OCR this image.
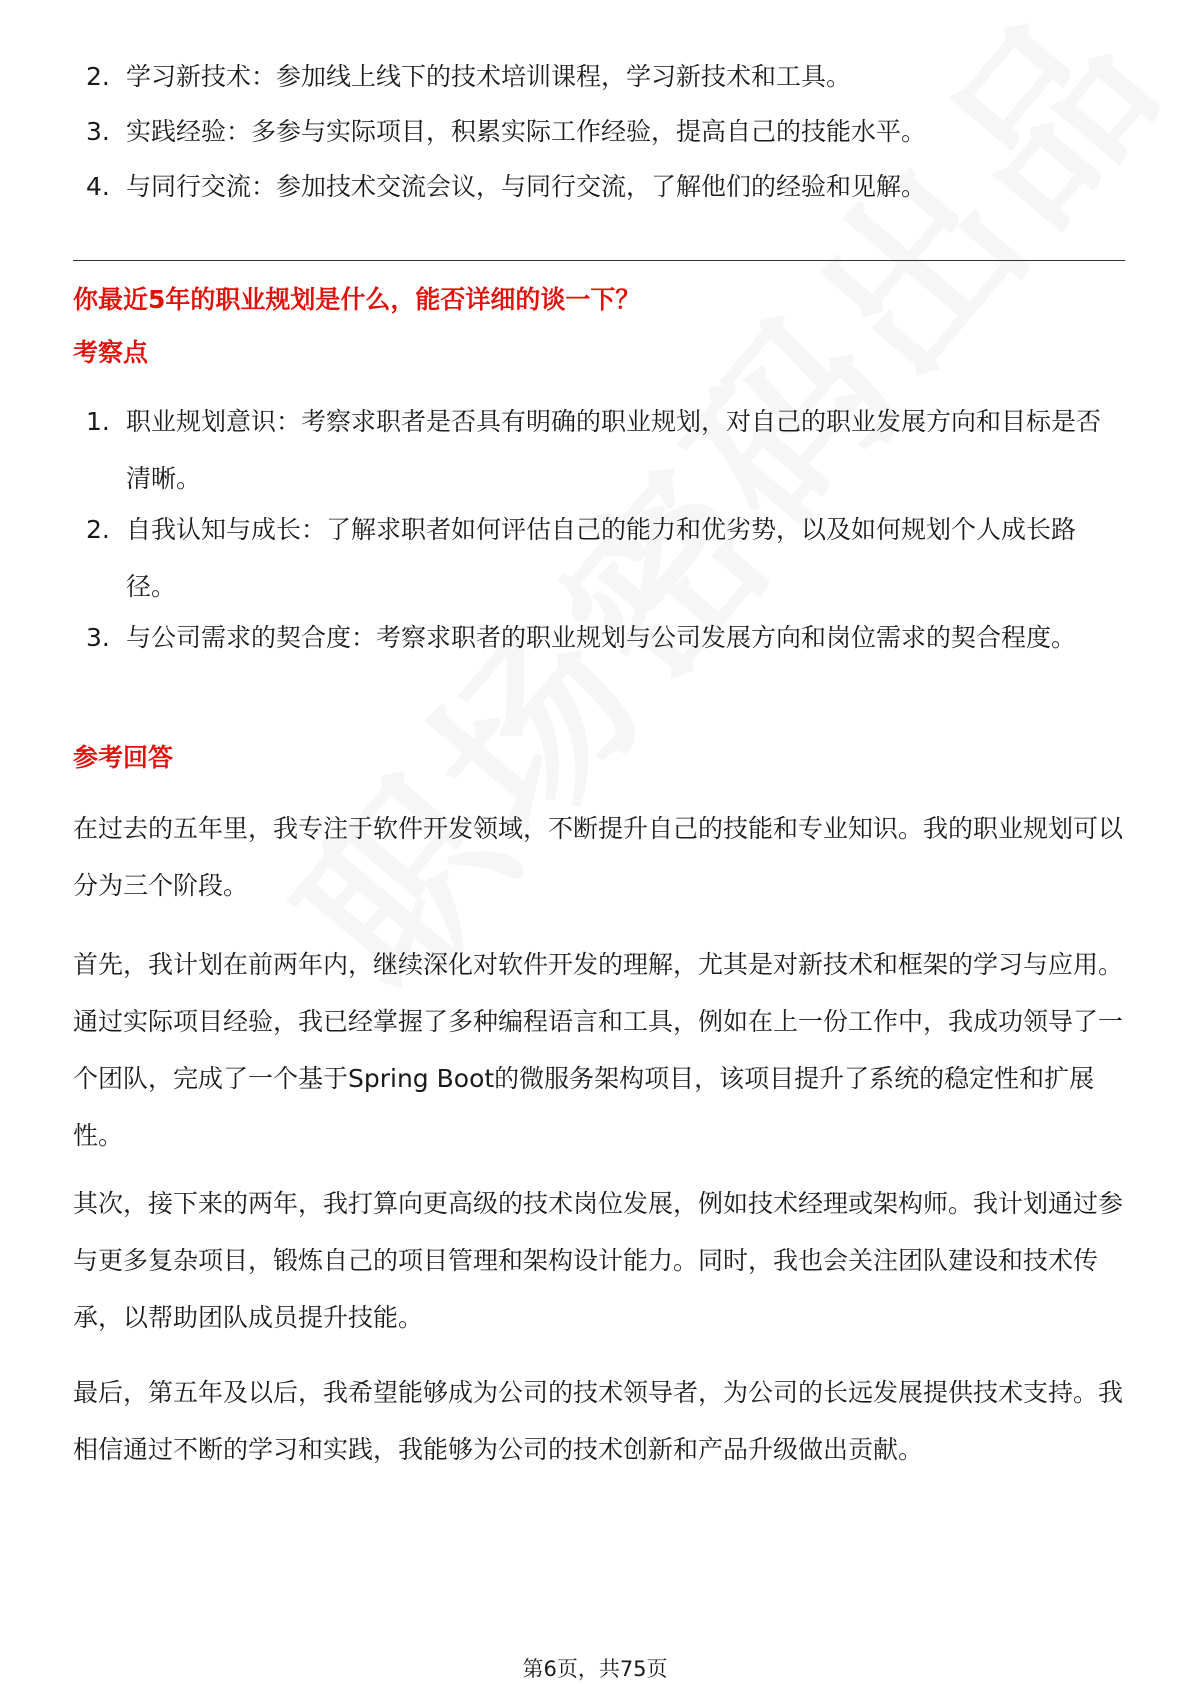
2. 学习新技术：参加线上线下的技术培训课程，学习新技术和工具。
3. 实践经验：多参与实际项目，积累实际工作经验，提高自己的技能水平。
4. 与同行交流：参加技术交流会议，与同行交流，了解他们的经验和见解。
你最近5年的职业规划是什么，能否详细的谈一下？
考察点
1. 职业规划意识：考察求职者是否具有明确的职业规划，对自己的职业发展方向和目标是否清晰。
2. 自我认知与成长：了解求职者如何评估自己的能力和优劣势，以及如何规划个人成长路径。
3. 与公司需求的契合度：考察求职者的职业规划与公司发展方向和岗位需求的契合程度。
参考回答
在过去的五年里，我专注于软件开发领域，不断提升自己的技能和专业知识。我的职业规划可以分为三个阶段。
首先，我计划在前两年内，继续深化对软件开发的理解，尤其是对新技术和框架的学习与应用。通过实际项目经验，我已经掌握了多种编程语言和工具，例如在上一份工作中，我成功领导了一个团队，完成了一个基于Spring Boot的微服务架构项目，该项目提升了系统的稳定性和扩展性。
其次，接下来的两年，我打算向更高级的技术岗位发展，例如技术经理或架构师。我计划通过参与更多复杂项目，锻炼自己的项目管理和架构设计能力。同时，我也会关注团队建设和技术传承，以帮助团队成员提升技能。
最后，第五年及以后，我希望能够成为公司的技术领导者，为公司的长远发展提供技术支持。我相信通过不断的学习和实践，我能够为公司的技术创新和产品升级做出贡献。
第6页，共75页
